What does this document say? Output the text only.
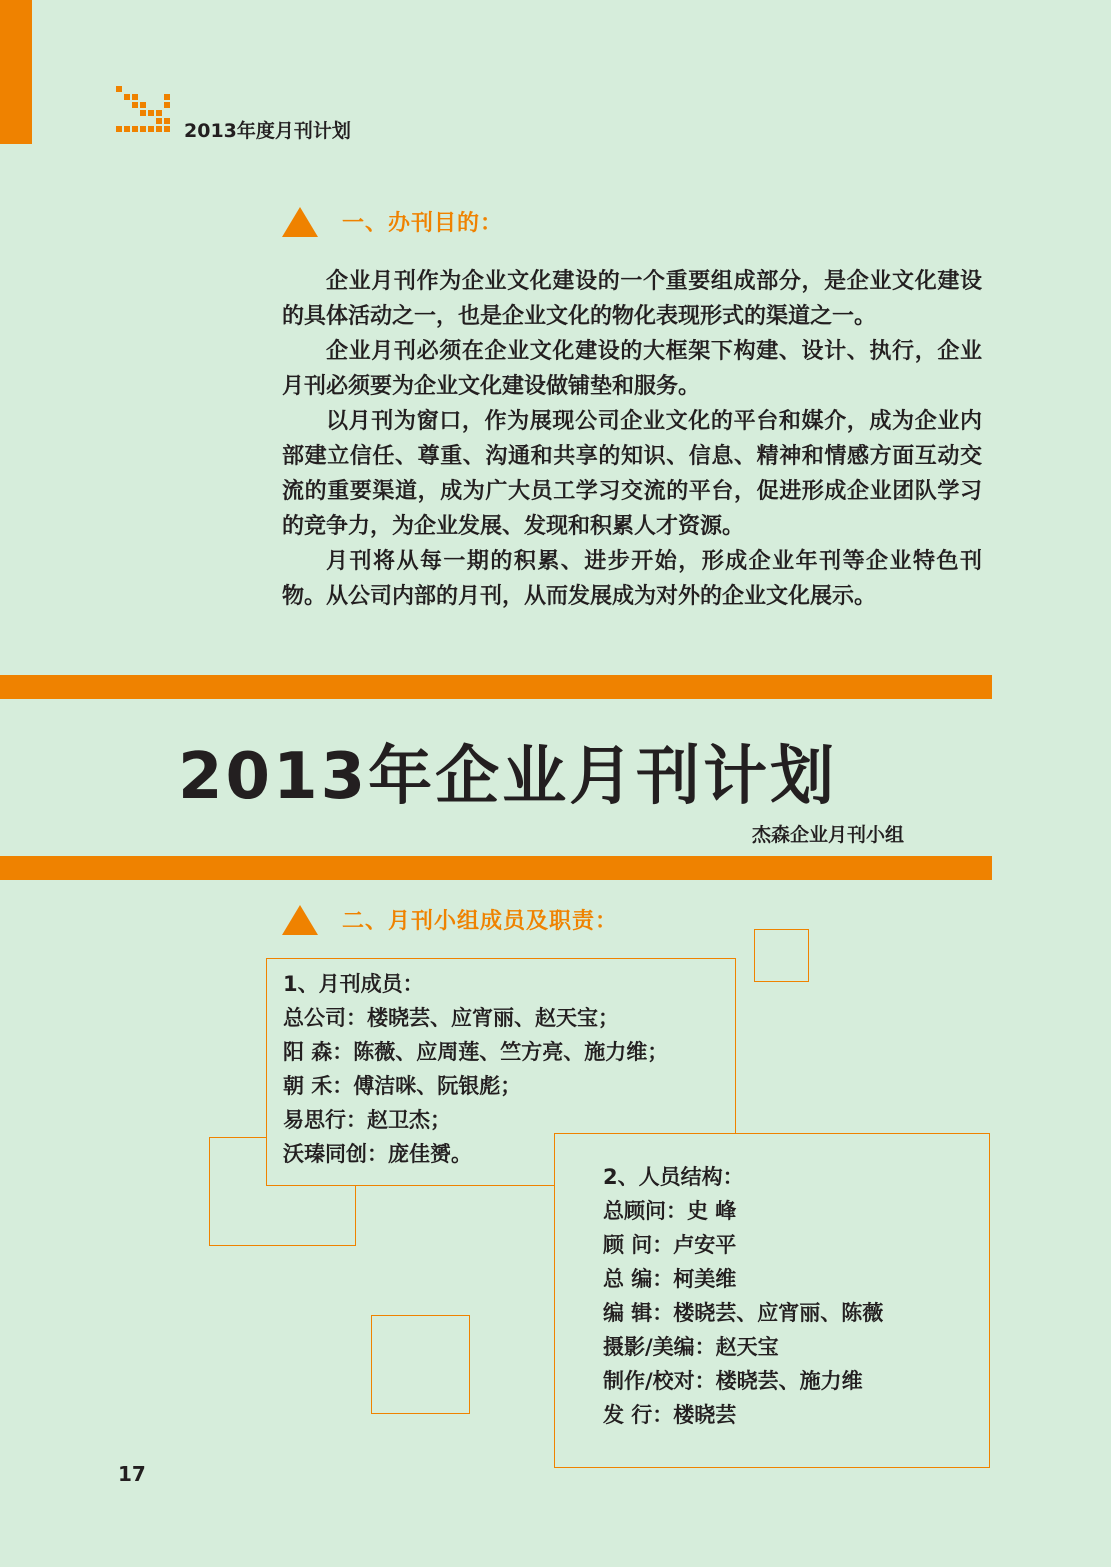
2013年度月刊计划
一、办刊目的：

企业月刊作为企业文化建设的一个重要组成部分，是企业文化建设的具体活动之一，也是企业文化的物化表现形式的渠道之一。

企业月刊必须在企业文化建设的大框架下构建、设计、执行，企业月刊必须要为企业文化建设做铺垫和服务。

以月刊为窗口，作为展现公司企业文化的平台和媒介，成为企业内部建立信任、尊重、沟通和共享的知识、信息、精神和情感方面互动交流的重要渠道，成为广大员工学习交流的平台，促进形成企业团队学习的竞争力，为企业发展、发现和积累人才资源。

月刊将从每一期的积累、进步开始，形成企业年刊等企业特色刊物。从公司内部的月刊，从而发展成为对外的企业文化展示。

2013年企业月刊计划
杰森企业月刊小组
二、月刊小组成员及职责：
1、月刊成员：
总公司：楼晓芸、应宵丽、赵天宝；
阳 森：陈薇、应周莲、竺方亮、施力维；
朝 禾：傅洁咪、阮银彪；
易思行：赵卫杰；
沃瑧同创：庞佳赟。
2、人员结构：
总顾问：史 峰
顾 问：卢安平
总 编：柯美维
编 辑：楼晓芸、应宵丽、陈薇
摄影/美编：赵天宝
制作/校对：楼晓芸、施力维
发 行：楼晓芸
17
